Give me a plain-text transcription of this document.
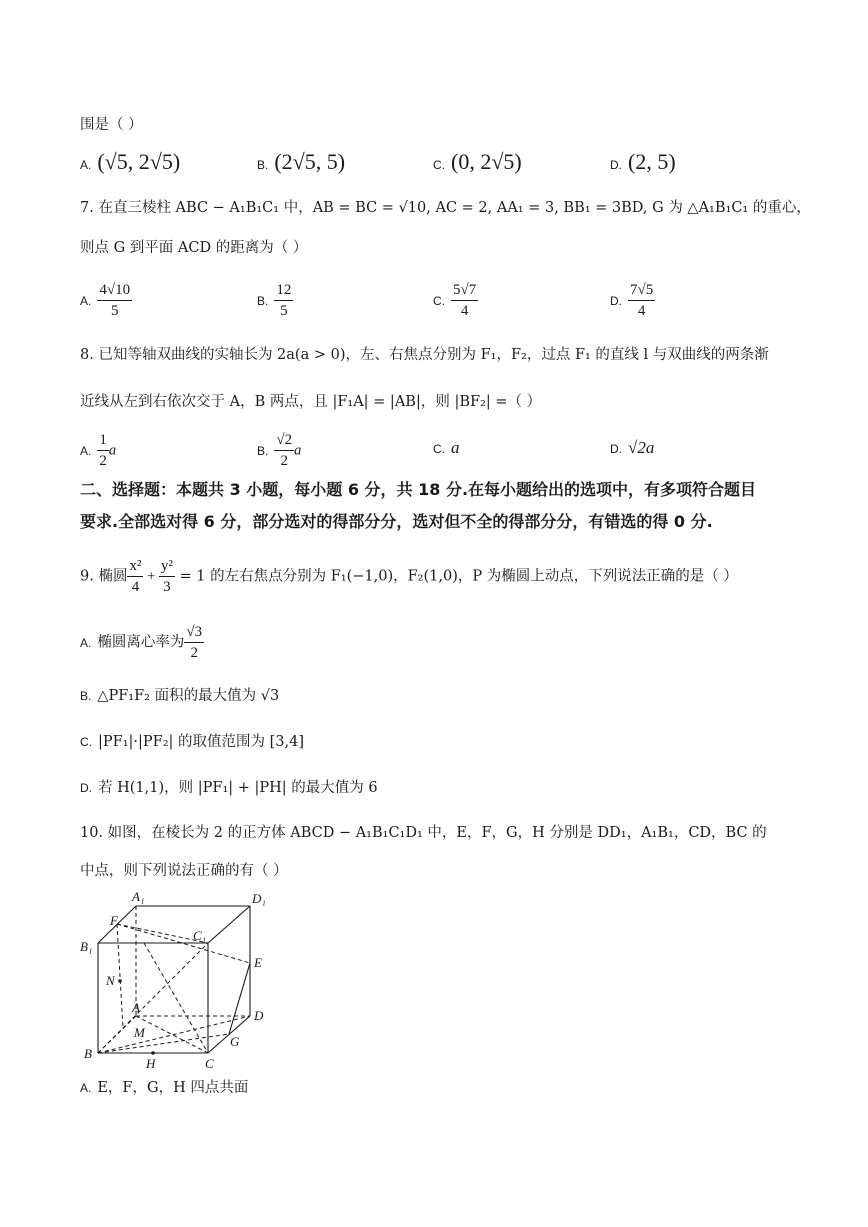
围是（ ）
A. (√5, 2√5)	B. (2√5, 5)	C. (0, 2√5)	D. (2, 5)
7. 在直三棱柱 ABC − A₁B₁C₁ 中，AB = BC = √10, AC = 2, AA₁ = 3, BB₁ = 3BD, G 为 △A₁B₁C₁ 的重心，
则点 G 到平面 ACD 的距离为（ ）
A. $\frac{4√10}{5}$	B. $\frac{12}{5}$	C. $\frac{5√7}{4}$	D. $\frac{7√5}{4}$
8. 已知等轴双曲线的实轴长为 2a(a > 0)，左、右焦点分别为 F₁，F₂，过点 F₁ 的直线 l 与双曲线的两条渐
近线从左到右依次交于 A，B 两点，且 |F₁A| = |AB|，则 |BF₂| =（ ）
A. $\frac{1}{2}$ a	B. $\frac{√2}{2}$ a	C. a	D. √2a
二、选择题：本题共 3 小题，每小题 6 分，共 18 分.在每小题给出的选项中，有多项符合题目
要求.全部选对得 6 分，部分选对的得部分分，选对但不全的得部分分，有错选的得 0 分.
9. 椭圆 $\frac{\text{x²}}{4} + \frac{\text{y²}}{3} = 1$ 的左右焦点分别为 F₁(−1,0)，F₂(1,0)，P 为椭圆上动点，下列说法正确的是（ ）
A. 椭圆离心率为 $\frac{√3}{2}$
B. △PF₁F₂ 面积的最大值为 √3
C. |PF₁|·|PF₂| 的取值范围为 [3,4]
D. 若 H(1,1)，则 |PF₁| + |PH| 的最大值为 6
10. 如图，在棱长为 2 的正方体 ABCD − A₁B₁C₁D₁ 中，E，F，G，H 分别是 DD₁，A₁B₁，CD，BC 的
中点，则下列说法正确的有（ ）
A₁	D₁
B₁
C₁
F
E
N
A
M
D
G
B
H	C
A. E，F，G，H 四点共面
